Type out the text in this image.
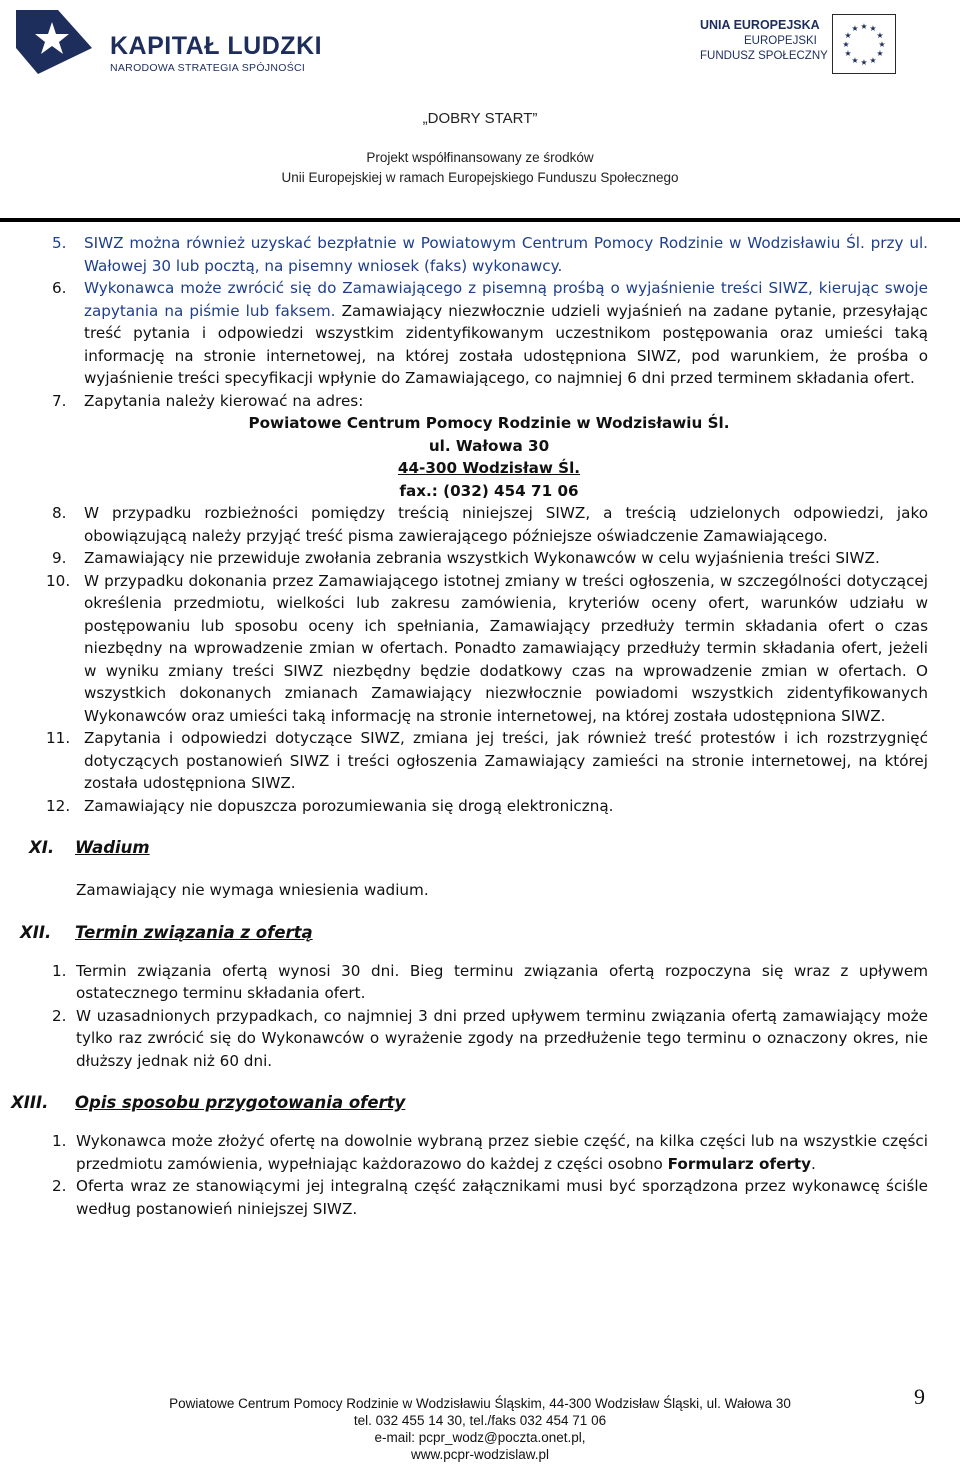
KAPITAŁ LUDZKI
NARODOWA STRATEGIA SPÓJNOŚCI
UNIA EUROPEJSKA
EUROPEJSKI
FUNDUSZ SPOŁECZNY
★ ★
★
★
★
★
★
★
★
★
★
★
„DOBRY START”
Projekt współfinansowany ze środków
Unii Europejskiej w ramach Europejskiego Funduszu Społecznego
5. SIWZ można również uzyskać bezpłatnie w Powiatowym Centrum Pomocy Rodzinie w Wodzisławiu Śl. przy ul. Wałowej 30 lub pocztą, na pisemny wniosek (faks) wykonawcy.
6. Wykonawca może zwrócić się do Zamawiającego z pisemną prośbą o wyjaśnienie treści SIWZ, kierując swoje zapytania na piśmie lub faksem. Zamawiający niezwłocznie udzieli wyjaśnień na zadane pytanie, przesyłając treść pytania i odpowiedzi wszystkim zidentyfikowanym uczestnikom postępowania oraz umieści taką informację na stronie internetowej, na której została udostępniona SIWZ, pod warunkiem, że prośba o wyjaśnienie treści specyfikacji wpłynie do Zamawiającego, co najmniej 6 dni przed terminem składania ofert.
7. Zapytania należy kierować na adres:
Powiatowe Centrum Pomocy Rodzinie w Wodzisławiu Śl.
ul. Wałowa 30
44-300 Wodzisław Śl.
fax.: (032) 454 71 06
8. W przypadku rozbieżności pomiędzy treścią niniejszej SIWZ, a treścią udzielonych odpowiedzi, jako obowiązującą należy przyjąć treść pisma zawierającego późniejsze oświadczenie Zamawiającego.
9. Zamawiający nie przewiduje zwołania zebrania wszystkich Wykonawców w celu wyjaśnienia treści SIWZ.
10. W przypadku dokonania przez Zamawiającego istotnej zmiany w treści ogłoszenia, w szczególności dotyczącej określenia przedmiotu, wielkości lub zakresu zamówienia, kryteriów oceny ofert, warunków udziału w postępowaniu lub sposobu oceny ich spełniania, Zamawiający przedłuży termin składania ofert o czas niezbędny na wprowadzenie zmian w ofertach. Ponadto zamawiający przedłuży termin składania ofert, jeżeli w wyniku zmiany treści SIWZ niezbędny będzie dodatkowy czas na wprowadzenie zmian w ofertach. O wszystkich dokonanych zmianach Zamawiający niezwłocznie powiadomi wszystkich zidentyfikowanych Wykonawców oraz umieści taką informację na stronie internetowej, na której została udostępniona SIWZ.
11. Zapytania i odpowiedzi dotyczące SIWZ, zmiana jej treści, jak również treść protestów i ich rozstrzygnięć dotyczących postanowień SIWZ i treści ogłoszenia Zamawiający zamieści na stronie internetowej, na której została udostępniona SIWZ.
12. Zamawiający nie dopuszcza porozumiewania się drogą elektroniczną.
XI. Wadium
Zamawiający nie wymaga wniesienia wadium.
XII. Termin związania z ofertą
1. Termin związania ofertą wynosi 30 dni. Bieg terminu związania ofertą rozpoczyna się wraz z upływem ostatecznego terminu składania ofert.
2. W uzasadnionych przypadkach, co najmniej 3 dni przed upływem terminu związania ofertą zamawiający może tylko raz zwrócić się do Wykonawców o wyrażenie zgody na przedłużenie tego terminu o oznaczony okres, nie dłuższy jednak niż 60 dni.
XIII. Opis sposobu przygotowania oferty
1. Wykonawca może złożyć ofertę na dowolnie wybraną przez siebie część, na kilka części lub na wszystkie części przedmiotu zamówienia, wypełniając każdorazowo do każdej z części osobno Formularz oferty.
2. Oferta wraz ze stanowiącymi jej integralną część załącznikami musi być sporządzona przez wykonawcę ściśle według postanowień niniejszej SIWZ.
9
Powiatowe Centrum Pomocy Rodzinie w Wodzisławiu Śląskim, 44-300 Wodzisław Śląski, ul. Wałowa 30
tel. 032 455 14 30, tel./faks 032 454 71 06
e-mail: pcpr_wodz@poczta.onet.pl,
www.pcpr-wodzislaw.pl
